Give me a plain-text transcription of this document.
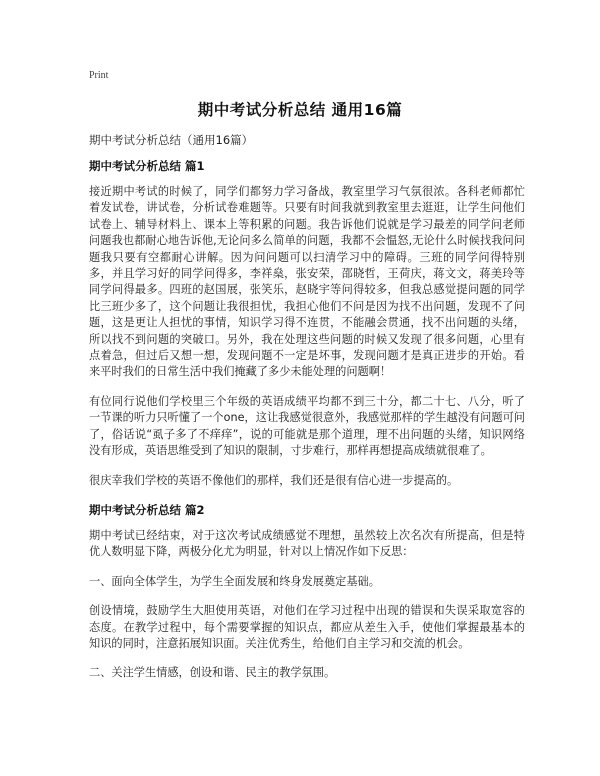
Print
期中考试分析总结 通用16篇
期中考试分析总结（通用16篇）
期中考试分析总结 篇1

接近期中考试的时候了，同学们都努力学习备战，教室里学习气氛很浓。各科老师都忙着发试卷，讲试卷，分析试卷难题等。只要有时间我就到教室里去逛逛，让学生问他们试卷上、辅导材料上、课本上等积累的问题。我告诉他们说就是学习最差的同学问老师问题我也都耐心地告诉他,无论问多么简单的问题，我都不会愠怒,无论什么时候找我问问题我只要有空都耐心讲解。因为问问题可以扫清学习中的障碍。三班的同学问得特别多，并且学习好的同学问得多，李祥燊，张安荣，邵晓哲，王荷庆，蒋文文，蒋美玲等同学问得最多。四班的赵国展，张笑乐，赵晓宇等问得较多，但我总感觉提问题的同学比三班少多了，这个问题让我很担忧，我担心他们不问是因为找不出问题，发现不了问题，这是更让人担忧的事情，知识学习得不连贯，不能融会贯通，找不出问题的头绪，所以找不到问题的突破口。另外，我在处理这些问题的时候又发现了很多问题，心里有点着急，但过后又想一想，发现问题不一定是坏事，发现问题才是真正进步的开始。看来平时我们的日常生活中我们掩藏了多少未能处理的问题啊！

有位同行说他们学校里三个年级的英语成绩平均都不到三十分，都二十七、八分，听了一节课的听力只听懂了一个one，这让我感觉很意外，我感觉那样的学生越没有问题可问了，俗话说“虱子多了不痒痒”，说的可能就是那个道理，理不出问题的头绪，知识网络没有形成，英语思维受到了知识的限制，寸步难行，那样再想提高成绩就很难了。

很庆幸我们学校的英语不像他们的那样，我们还是很有信心进一步提高的。

期中考试分析总结 篇2

期中考试已经结束，对于这次考试成绩感觉不理想，虽然较上次名次有所提高，但是特优人数明显下降，两极分化尤为明显，针对以上情况作如下反思：

一、面向全体学生，为学生全面发展和终身发展奠定基础。

创设情境，鼓励学生大胆使用英语，对他们在学习过程中出现的错误和失误采取宽容的态度。在教学过程中，每个需要掌握的知识点，都应从差生入手，使他们掌握最基本的知识的同时，注意拓展知识面。关注优秀生，给他们自主学习和交流的机会。

二、关注学生情感，创设和谐、民主的教学氛围。
